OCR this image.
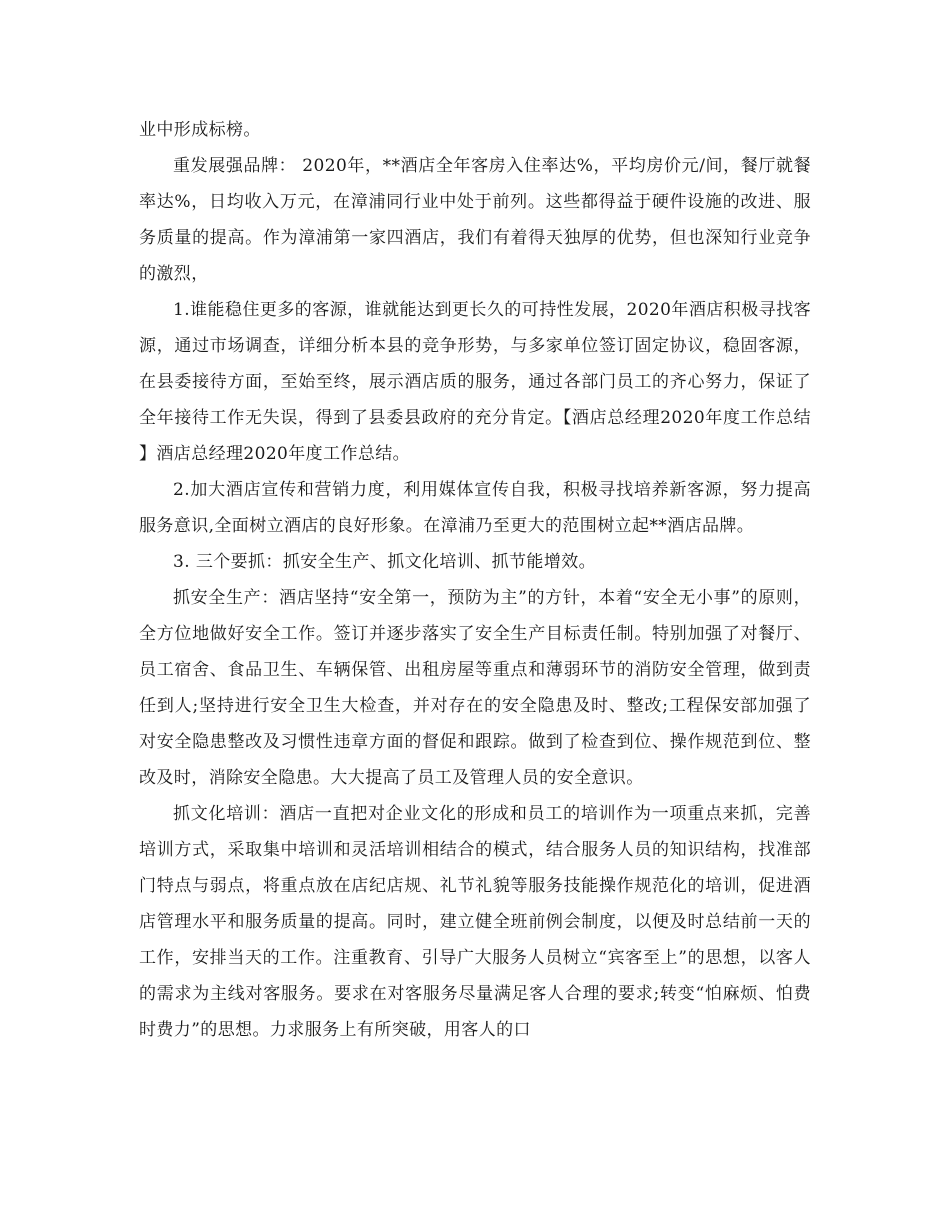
业中形成标榜。

重发展强品牌： 2020年，**酒店全年客房入住率达%，平均房价元/间，餐厅就餐率达%，日均收入万元，在漳浦同行业中处于前列。这些都得益于硬件设施的改进、服务质量的提高。作为漳浦第一家四酒店，我们有着得天独厚的优势，但也深知行业竞争的激烈，

1.谁能稳住更多的客源，谁就能达到更长久的可持性发展，2020年酒店积极寻找客源，通过市场调查，详细分析本县的竞争形势，与多家单位签订固定协议，稳固客源，在县委接待方面，至始至终，展示酒店质的服务，通过各部门员工的齐心努力，保证了全年接待工作无失误，得到了县委县政府的充分肯定。【酒店总经理2020年度工作总结 】酒店总经理2020年度工作总结。

2.加大酒店宣传和营销力度，利用媒体宣传自我，积极寻找培养新客源，努力提高服务意识,全面树立酒店的良好形象。在漳浦乃至更大的范围树立起**酒店品牌。

3. 三个要抓：抓安全生产、抓文化培训、抓节能增效。

抓安全生产：酒店坚持“安全第一，预防为主”的方针，本着“安全无小事”的原则，全方位地做好安全工作。签订并逐步落实了安全生产目标责任制。特别加强了对餐厅、员工宿舍、食品卫生、车辆保管、出租房屋等重点和薄弱环节的消防安全管理，做到责任到人;坚持进行安全卫生大检查，并对存在的安全隐患及时、整改;工程保安部加强了对安全隐患整改及习惯性违章方面的督促和跟踪。做到了检查到位、操作规范到位、整改及时，消除安全隐患。大大提高了员工及管理人员的安全意识。

抓文化培训：酒店一直把对企业文化的形成和员工的培训作为一项重点来抓，完善培训方式，采取集中培训和灵活培训相结合的模式，结合服务人员的知识结构，找准部门特点与弱点，将重点放在店纪店规、礼节礼貌等服务技能操作规范化的培训，促进酒店管理水平和服务质量的提高。同时，建立健全班前例会制度，以便及时总结前一天的工作，安排当天的工作。注重教育、引导广大服务人员树立“宾客至上”的思想，以客人的需求为主线对客服务。要求在对客服务尽量满足客人合理的要求;转变“怕麻烦、怕费时费力”的思想。力求服务上有所突破，用客人的口
